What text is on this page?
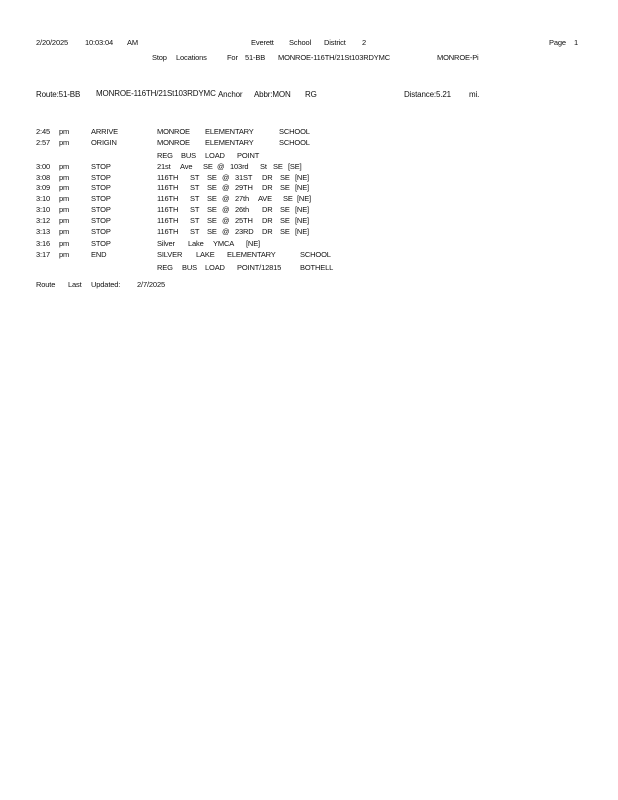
2/20/2025 10:03:04 AM	Everett School District 2	Page 1
Stop Locations	For 51-BB MONROE-116TH/21St103RDYMC	MONROE-Pi
Route:51-BB MONROE-116TH/21St103RDYMC Anchor Abbr:MON RG	Distance:5.21 mi.
2:45 pm	ARRIVE	MONROE ELEMENTARY	SCHOOL
2:57 pm	ORIGIN	MONROE ELEMENTARY	SCHOOL
REG BUS LOAD POINT
3:00 pm	STOP	21st Ave SE @ 103rd St SE [SE]
3:08 pm	STOP	116TH ST SE @ 31ST DR SE [NE]
3:09 pm	STOP	116TH ST SE @ 29TH DR SE [NE]
3:10 pm	STOP	116TH ST SE @ 27th AVE SE [NE]
3:10 pm	STOP	116TH ST SE @ 26th DR SE [NE]
3:12 pm	STOP	116TH ST SE @ 25TH DR SE [NE]
3:13 pm	STOP	116TH ST SE @ 23RD DR SE [NE]
3:16 pm	STOP	Silver Lake YMCA [NE]
3:17 pm	END	SILVER LAKE ELEMENTARY	SCHOOL
REG BUS LOAD POINT/12815	BOTHELL
Route Last Updated: 2/7/2025
